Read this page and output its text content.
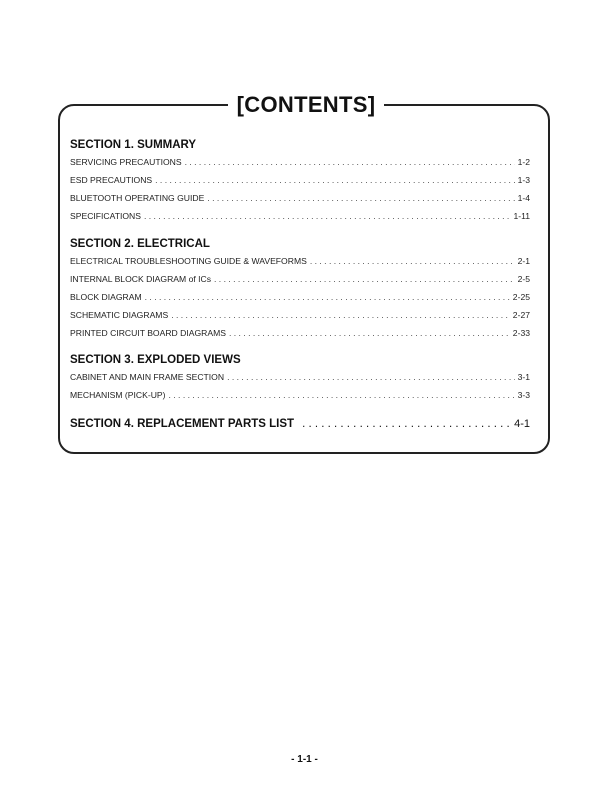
[CONTENTS]
SECTION 1. SUMMARY
SERVICING PRECAUTIONS . . .	1-2
ESD PRECAUTIONS . . .	1-3
BLUETOOTH OPERATING GUIDE . . .	1-4
SPECIFICATIONS . . .	1-11
SECTION 2. ELECTRICAL
ELECTRICAL TROUBLESHOOTING GUIDE & WAVEFORMS . . .	2-1
INTERNAL BLOCK DIAGRAM of ICs . . .	2-5
BLOCK DIAGRAM . . .	2-25
SCHEMATIC DIAGRAMS . . .	2-27
PRINTED CIRCUIT BOARD DIAGRAMS . . .	2-33
SECTION 3. EXPLODED VIEWS
CABINET AND MAIN FRAME SECTION . . .	3-1
MECHANISM (PICK-UP) . . .	3-3
SECTION 4. REPLACEMENT PARTS LIST . . .	4-1
- 1-1 -
